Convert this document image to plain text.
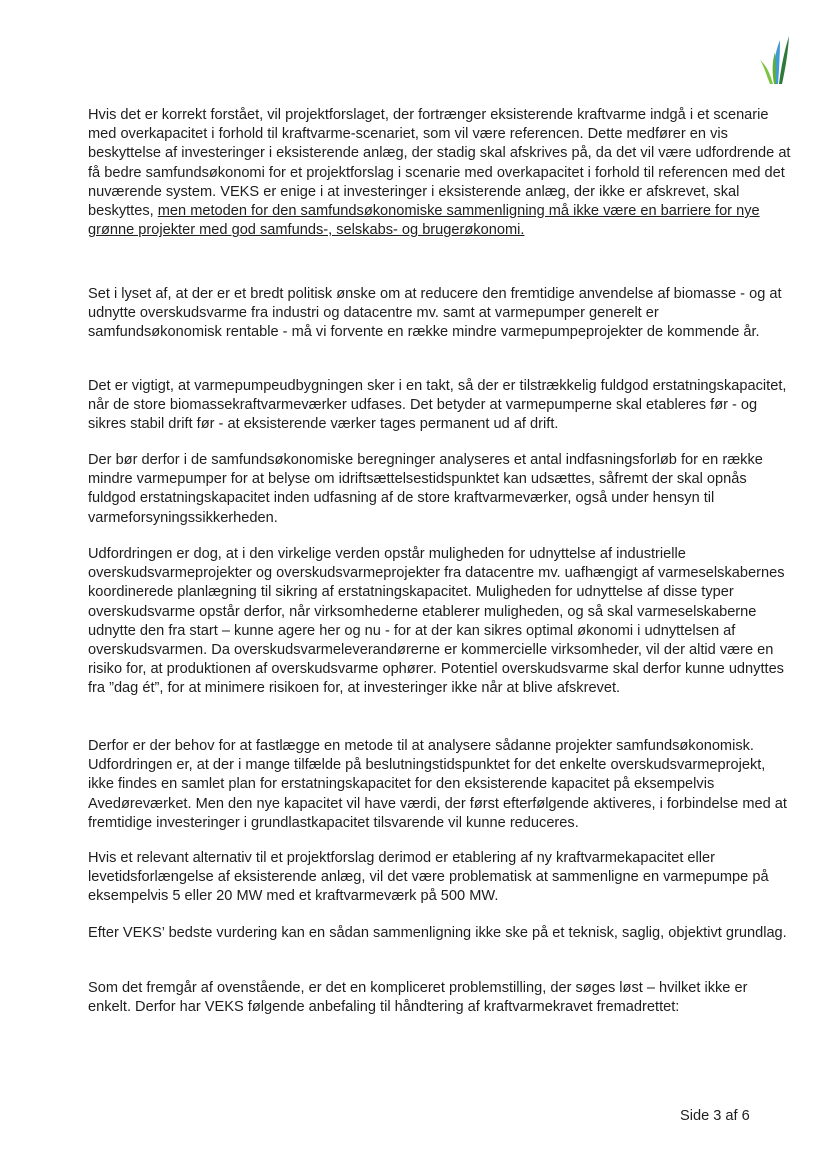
Hvis det er korrekt forstået, vil projektforslaget, der fortrænger eksisterende kraftvarme indgå i et scenarie med overkapacitet i forhold til kraftvarme-scenariet, som vil være referencen. Dette medfører en vis beskyttelse af investeringer i eksisterende anlæg, der stadig skal afskrives på, da det vil være udfordrende at få bedre samfundsøkonomi for et projektforslag i scenarie med overkapacitet i forhold til referencen med det nuværende system. VEKS er enige i at investeringer i eksisterende anlæg, der ikke er afskrevet, skal beskyttes, men metoden for den samfundsøkonomiske sammenligning må ikke være en barriere for nye grønne projekter med god samfunds-, selskabs- og brugerøkonomi.

Set i lyset af, at der er et bredt politisk ønske om at reducere den fremtidige anvendelse af biomasse - og at udnytte overskudsvarme fra industri og datacentre mv. samt at varmepumper generelt er samfundsøkonomisk rentable - må vi forvente en række mindre varmepumpeprojekter de kommende år.

Det er vigtigt, at varmepumpeudbygningen sker i en takt, så der er tilstrækkelig fuldgod erstatningskapacitet, når de store biomassekraftvarmeværker udfases. Det betyder at varmepumperne skal etableres før - og sikres stabil drift før - at eksisterende værker tages permanent ud af drift.

Der bør derfor i de samfundsøkonomiske beregninger analyseres et antal indfasningsforløb for en række mindre varmepumper for at belyse om idriftsættelsestidspunktet kan udsættes, såfremt der skal opnås fuldgod erstatningskapacitet inden udfasning af de store kraftvarmeværker, også under hensyn til varmeforsyningssikkerheden.

Udfordringen er dog, at i den virkelige verden opstår muligheden for udnyttelse af industrielle overskudsvarmeprojekter og overskudsvarmeprojekter fra datacentre mv. uafhængigt af varmeselskabernes koordinerede planlægning til sikring af erstatningskapacitet. Muligheden for udnyttelse af disse typer overskudsvarme opstår derfor, når virksomhederne etablerer muligheden, og så skal varmeselskaberne udnytte den fra start – kunne agere her og nu - for at der kan sikres optimal økonomi i udnyttelsen af overskudsvarmen. Da overskudsvarmeleverandørerne er kommercielle virksomheder, vil der altid være en risiko for, at produktionen af overskudsvarme ophører. Potentiel overskudsvarme skal derfor kunne udnyttes fra ”dag ét”, for at minimere risikoen for, at investeringer ikke når at blive afskrevet.

Derfor er der behov for at fastlægge en metode til at analysere sådanne projekter samfundsøkonomisk. Udfordringen er, at der i mange tilfælde på beslutningstidspunktet for det enkelte overskudsvarmeprojekt, ikke findes en samlet plan for erstatningskapacitet for den eksisterende kapacitet på eksempelvis Avedøreværket. Men den nye kapacitet vil have værdi, der først efterfølgende aktiveres, i forbindelse med at fremtidige investeringer i grundlastkapacitet tilsvarende vil kunne reduceres.

Hvis et relevant alternativ til et projektforslag derimod er etablering af ny kraftvarmekapacitet eller levetidsforlængelse af eksisterende anlæg, vil det være problematisk at sammenligne en varmepumpe på eksempelvis 5 eller 20 MW med et kraftvarmeværk på 500 MW.

Efter VEKS’ bedste vurdering kan en sådan sammenligning ikke ske på et teknisk, saglig, objektivt grundlag.

Som det fremgår af ovenstående, er det en kompliceret problemstilling, der søges løst – hvilket ikke er enkelt. Derfor har VEKS følgende anbefaling til håndtering af kraftvarmekravet fremadrettet:

Side 3 af 6
